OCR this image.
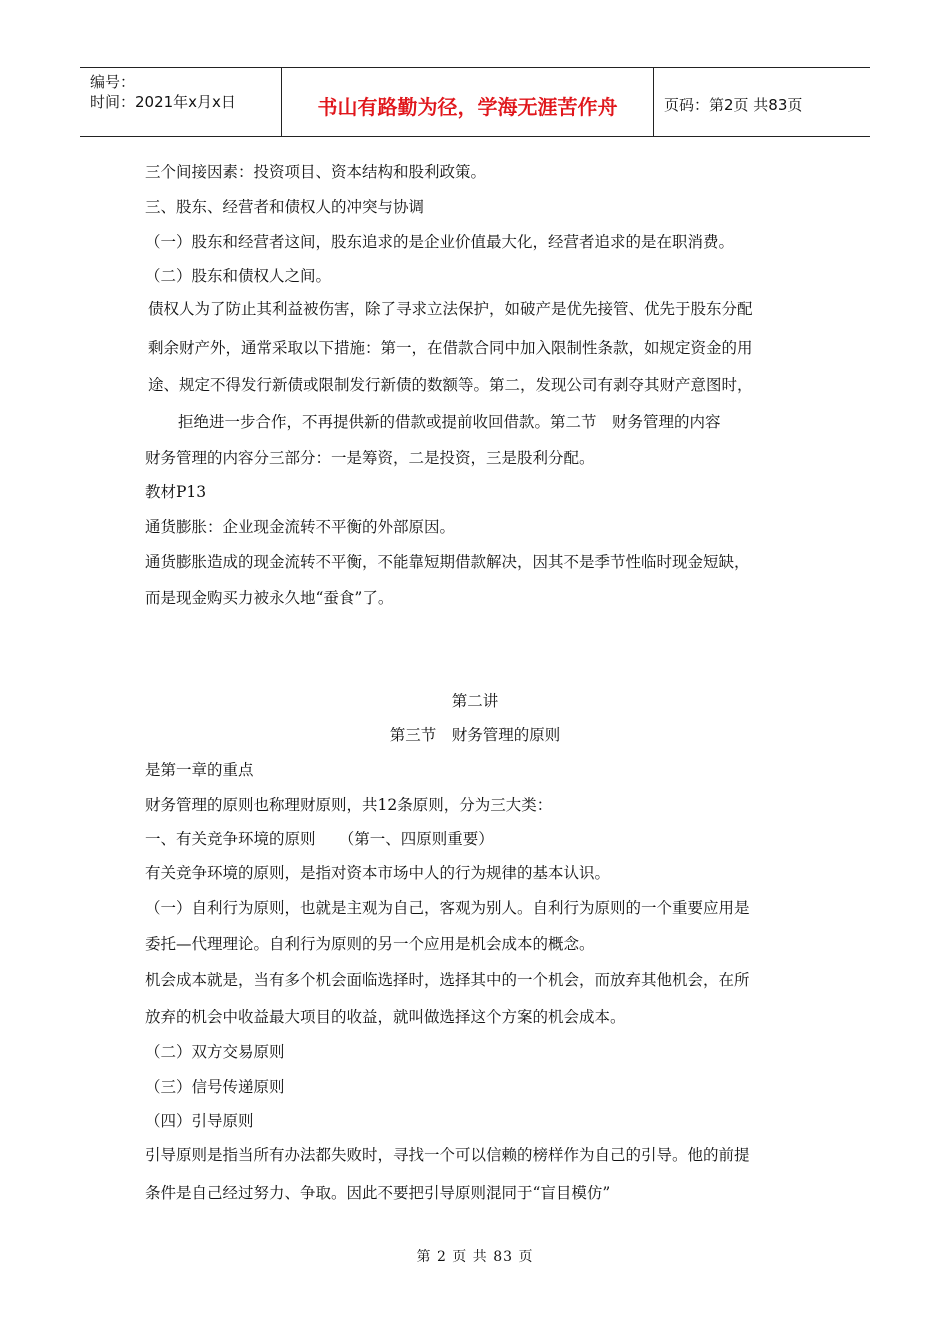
编号：
时间：2021年x月x日	书山有路勤为径，学海无涯苦作舟	页码：第2页 共83页
三个间接因素：投资项目、资本结构和股利政策。
三、股东、经营者和债权人的冲突与协调
（一）股东和经营者这间，股东追求的是企业价值最大化，经营者追求的是在职消费。
（二）股东和债权人之间。
债权人为了防止其利益被伤害，除了寻求立法保护，如破产是优先接管、优先于股东分配
剩余财产外，通常采取以下措施：第一，在借款合同中加入限制性条款，如规定资金的用
途、规定不得发行新债或限制发行新债的数额等。第二，发现公司有剥夺其财产意图时，
拒绝进一步合作，不再提供新的借款或提前收回借款。第二节　财务管理的内容
财务管理的内容分三部分：一是筹资，二是投资，三是股利分配。
教材P13
通货膨胀：企业现金流转不平衡的外部原因。
通货膨胀造成的现金流转不平衡，不能靠短期借款解决，因其不是季节性临时现金短缺，
而是现金购买力被永久地“蚕食”了。
第二讲
第三节　财务管理的原则
是第一章的重点
财务管理的原则也称理财原则，共12条原则，分为三大类：
一、有关竞争环境的原则　　（第一、四原则重要）
有关竞争环境的原则，是指对资本市场中人的行为规律的基本认识。
（一）自利行为原则，也就是主观为自己，客观为别人。自利行为原则的一个重要应用是
委托—代理理论。自利行为原则的另一个应用是机会成本的概念。
机会成本就是，当有多个机会面临选择时，选择其中的一个机会，而放弃其他机会，在所
放弃的机会中收益最大项目的收益，就叫做选择这个方案的机会成本。
（二）双方交易原则
（三）信号传递原则
（四）引导原则
引导原则是指当所有办法都失败时，寻找一个可以信赖的榜样作为自己的引导。他的前提
条件是自己经过努力、争取。因此不要把引导原则混同于“盲目模仿”
第 2 页 共 83 页
